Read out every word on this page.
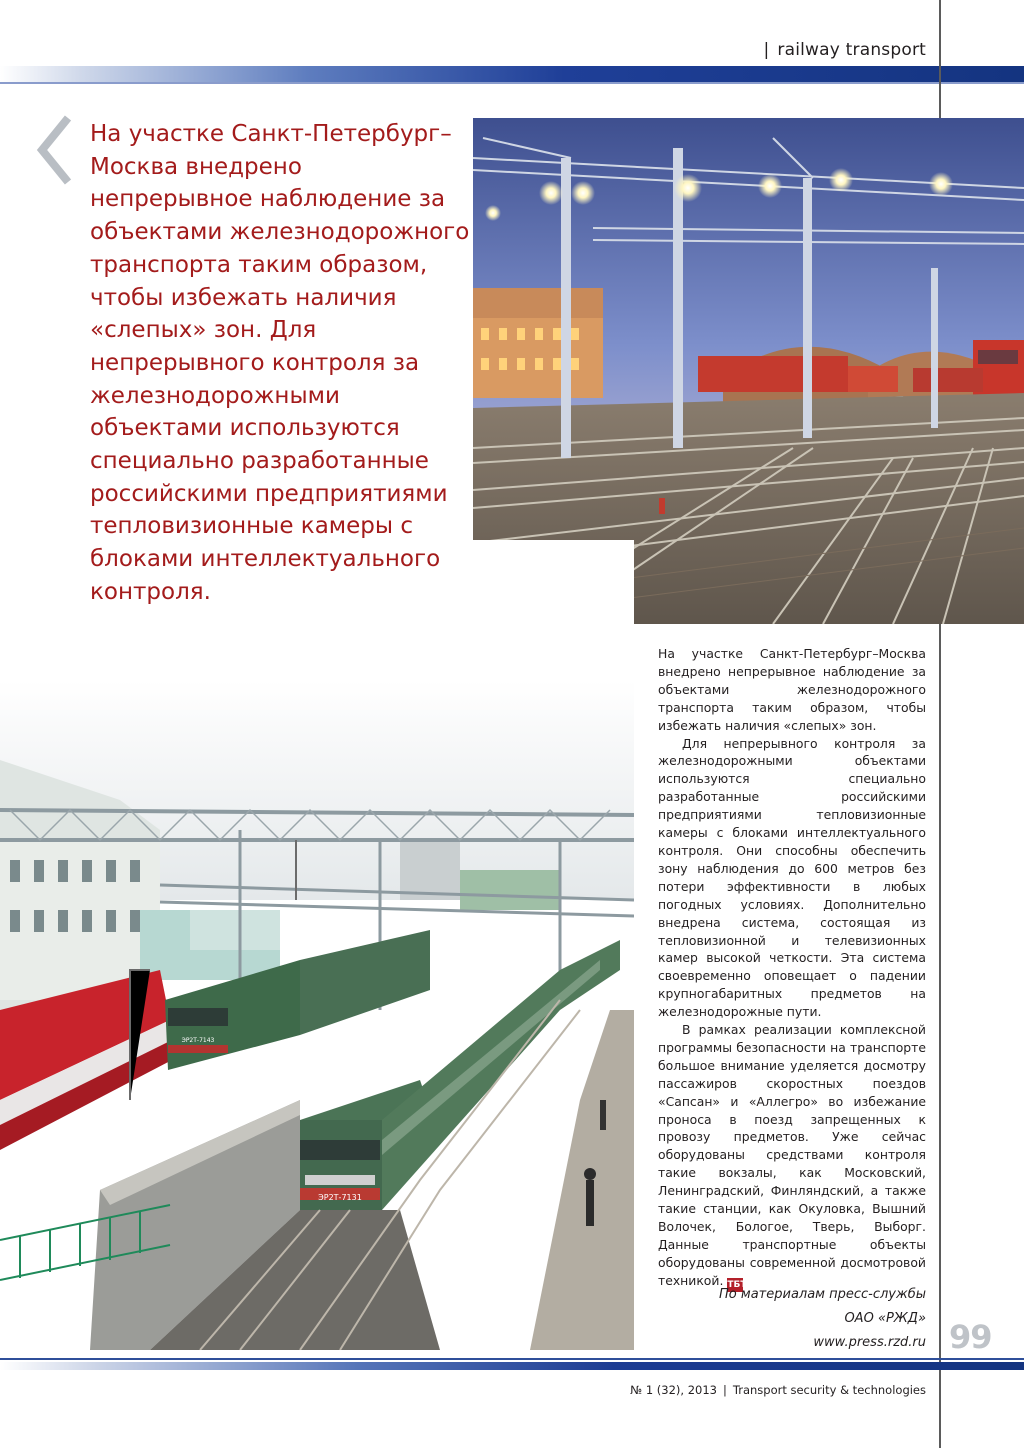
| railway transport
ЭР2Т-7131
ЭР2Т-7143
На участке Санкт-Петербург–Москва внедрено непрерывное наблюдение за объектами железнодорожного транспорта таким образом, чтобы избежать наличия «слепых» зон. Для непрерывного контроля за железнодорожными объектами используются специально разработанные российскими предприятиями тепловизионные камеры с блоками интеллектуального контроля.

На участке Санкт-Петербург–Москва внедрено непрерывное наблюдение за объектами железнодорожного транспорта таким образом, чтобы избежать наличия «слепых» зон.

Для непрерывного контроля за железнодорожными объектами используются специально разработанные российскими предприятиями тепловизионные камеры с блоками интеллектуального контроля. Они способны обеспечить зону наблюдения до 600 метров без потери эффективности в любых погодных условиях. Дополнительно внедрена система, состоящая из тепловизионной и телевизионных камер высокой четкости. Эта система своевременно оповещает о падении крупногабаритных предметов на железнодорожные пути.

В рамках реализации комплексной программы безопасности на транспорте большое внимание уделяется досмотру пассажиров скоростных поездов «Сапсан» и «Аллегро» во избежание проноса в поезд запрещенных к провозу предметов. Уже сейчас оборудованы средствами контроля такие вокзалы, как Московский, Ленинградский, Финляндский, а также такие станции, как Окуловка, Вышний Волочек, Бологое, Тверь, Выборг. Данные транспортные объекты оборудованы современной досмотровой техникой. ТБТ

По материалам пресс-службы
ОАО «РЖД»
www.press.rzd.ru 99
№ 1 (32), 2013 | Transport security & technologies
